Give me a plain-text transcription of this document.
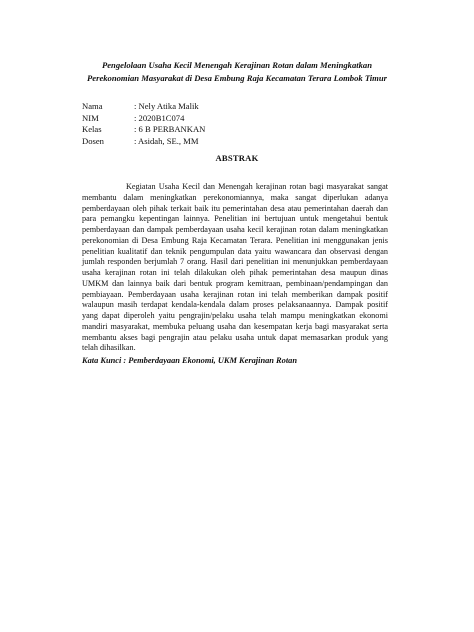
Pengelolaan Usaha Kecil Menengah Kerajinan Rotan dalam Meningkatkan
Perekonomian Masyarakat di Desa Embung Raja Kecamatan Terara Lombok Timur
Nama	: Nely Atika Malik
NIM	: 2020B1C074
Kelas	: 6 B PERBANKAN
Dosen	: Asidah, SE., MM
ABSTRAK
Kegiatan Usaha Kecil dan Menengah kerajinan rotan bagi masyarakat sangat
membantu dalam meningkatkan perekonomiannya, maka sangat diperlukan adanya
pemberdayaan oleh pihak terkait baik itu pemerintahan desa atau pemerintahan daerah dan
para pemangku kepentingan lainnya. Penelitian ini bertujuan untuk mengetahui bentuk
pemberdayaan dan dampak pemberdayaan usaha kecil kerajinan rotan dalam meningkatkan
perekonomian di Desa Embung Raja Kecamatan Terara. Penelitian ini menggunakan jenis
penelitian kualitatif dan teknik pengumpulan data yaitu wawancara dan observasi dengan
jumlah responden berjumlah 7 orang. Hasil dari penelitian ini menunjukkan pemberdayaan
usaha kerajinan rotan ini telah dilakukan oleh pihak pemerintahan desa maupun dinas
UMKM dan lainnya baik dari bentuk program kemitraan, pembinaan/pendampingan dan
pembiayaan. Pemberdayaan usaha kerajinan rotan ini telah memberikan dampak positif
walaupun masih terdapat kendala-kendala dalam proses pelaksanaannya. Dampak positif
yang dapat diperoleh yaitu pengrajin/pelaku usaha telah mampu meningkatkan ekonomi
mandiri masyarakat, membuka peluang usaha dan kesempatan kerja bagi masyarakat serta
membantu akses bagi pengrajin atau pelaku usaha untuk dapat memasarkan produk yang
telah dihasilkan.
Kata Kunci : Pemberdayaan Ekonomi, UKM Kerajinan Rotan
